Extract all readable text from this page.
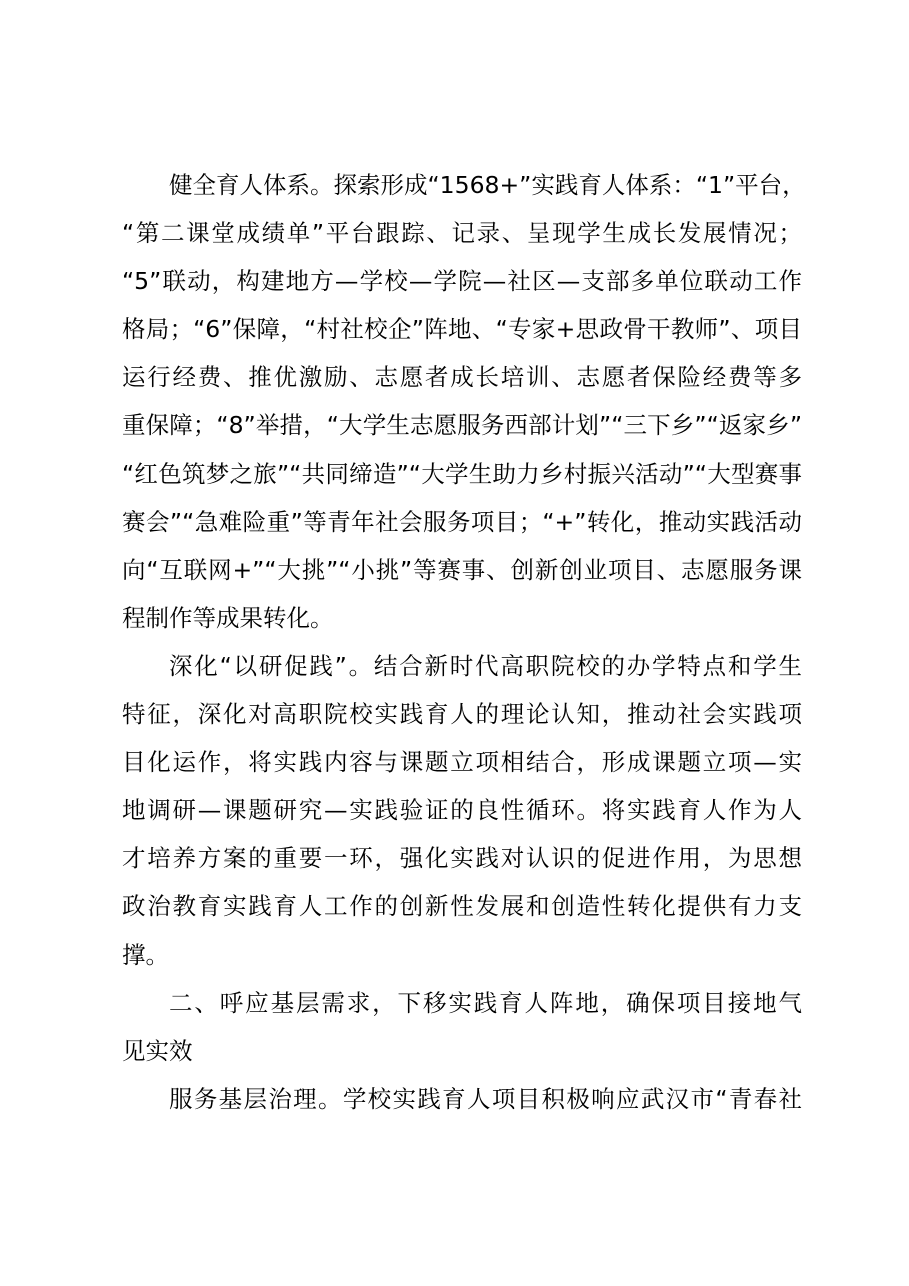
健全育人体系。探索形成“1568+”实践育人体系：“1”平台，
“第二课堂成绩单”平台跟踪、记录、呈现学生成长发展情况；
“5”联动，构建地方—学校—学院—社区—支部多单位联动工作
格局；“6”保障，“村社校企”阵地、“专家+思政骨干教师”、项目
运行经费、推优激励、志愿者成长培训、志愿者保险经费等多
重保障；“8”举措，“大学生志愿服务西部计划”“三下乡”“返家乡”
“红色筑梦之旅”“共同缔造”“大学生助力乡村振兴活动”“大型赛事
赛会”“急难险重”等青年社会服务项目；“+”转化，推动实践活动
向“互联网+”“大挑”“小挑”等赛事、创新创业项目、志愿服务课
程制作等成果转化。
深化“以研促践”。结合新时代高职院校的办学特点和学生
特征，深化对高职院校实践育人的理论认知，推动社会实践项
目化运作，将实践内容与课题立项相结合，形成课题立项—实
地调研—课题研究—实践验证的良性循环。将实践育人作为人
才培养方案的重要一环，强化实践对认识的促进作用，为思想
政治教育实践育人工作的创新性发展和创造性转化提供有力支
撑。
二、呼应基层需求，下移实践育人阵地，确保项目接地气
见实效
服务基层治理。学校实践育人项目积极响应武汉市“青春社
